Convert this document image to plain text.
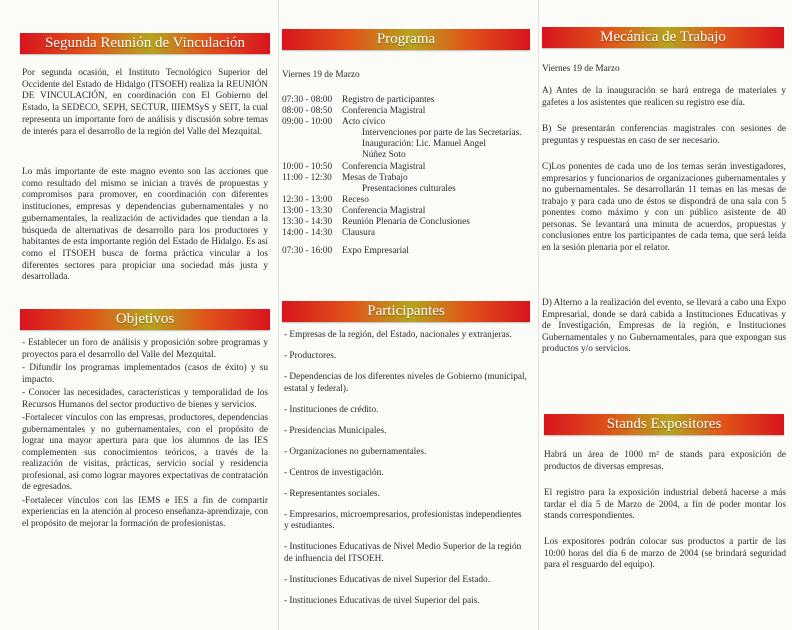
Segunda Reunión de Vinculación

Por segunda ocasión, el Instituto Tecnológico Superior del Occidente del Estado de Hidalgo (ITSOEH) realiza la REUNIÓN DE VINCULACIÓN, en coordinación con El Gobierno del Estado, la SEDECO, SEPH, SECTUR, IIIEMSyS y SEIT, la cual representa un importante foro de análisis y discusión sobre temas de interés para el desarrollo de la región del Valle del Mezquital.

Lo más importante de este magno evento son las acciones que como resultado del mismo se inician a través de propuestas y compromisos para promover, en coordinación con diferentes instituciones, empresas y dependencias gubernamentales y no gubernamentales, la realización de actividades que tiendan a la búsqueda de alternativas de desarrollo para los productores y habitantes de esta importante región del Estado de Hidalgo. Es así como el ITSOEH busca de forma práctica vincular a los diferentes sectores para propiciar una sociedad más justa y desarrollada.

Objetivos
- Establecer un foro de análisis y proposición sobre programas y proyectos para el desarrollo del Valle del Mezquital.
- Difundir los programas implementados (casos de éxito) y su impacto.
- Conocer las necesidades, características y temporalidad de los Recursos Humanos del sector productivo de bienes y servicios.
-Fortalecer vínculos con las empresas, productores, dependencias gubernamentales y no gubernamentales, con el propósito de lograr una mayor apertura para que los alumnos de las IES complementen sus conocimientos teóricos, a través de la realización de visitas, prácticas, servicio social y residencia profesional, así como lograr mayores expectativas de contratación de egresados.
-Fortalecer vínculos con las IEMS e IES a fin de compartir experiencias en la atención al proceso enseñanza-aprendizaje, con el propósito de mejorar la formación de profesionistas.
Programa
Viernes 19 de Marzo
07:30 - 08:00	Registro de participantes
08:00 - 08:50	Conferencia Magistral
09:00 - 10:00	Acto cívico
	Intervenciones por parte de las Secretarías.
	Inauguración: Lic. Manuel Angel
	Núñez Soto
10:00 - 10:50	Conferencia Magistral
11:00 - 12:30	Mesas de Trabajo
	Presentaciones culturales
12:30 - 13:00	Receso
13:00 - 13:30	Conferencia Magistral
13:30 - 14:30	Reunión Plenaria de Conclusiones
14:00 - 14:30	Clausura

07:30 - 16:00	Expo Empresarial
Participantes
- Empresas de la región, del Estado, nacionales y extranjeras.
- Productores.
- Dependencias de los diferentes niveles de Gobierno (municipal, estatal y federal).
- Instituciones de crédito.
- Presidencias Municipales.
- Organizaciones no gubernamentales.
- Centros de investigación.
- Representantes sociales.
- Empresarios, microempresarios, profesionistas independientes y estudiantes.
- Instituciones Educativas de Nivel Medio Superior de la región de influencia del ITSOEH.
- Instituciones Educativas de nivel Superior del Estado.
- Instituciones Educativas de nivel Superior del país.
Mecánica de Trabajo
Viernes 19 de Marzo

A) Antes de la inauguración se hará entrega de materiales y gafetes a los asistentes que realicen su registro ese día.

B) Se presentarán conferencias magistrales con sesiones de preguntas y respuestas en caso de ser necesario.

C)Los ponentes de cada uno de los temas serán investigadores, empresarios y funcionarios de organizaciones gubernamentales y no gubernamentales. Se desarrollarán 11 temas en las mesas de trabajo y para cada uno de éstos se dispondrá de una sala con 5 ponentes como máximo y con un público asistente de 40 personas. Se levantará una minuta de acuerdos, propuestas y conclusiones entre los participantes de cada tema, que será leída en la sesión plenaria por el relator.

D) Alterno a la realización del evento, se llevará a cabo una Expo Empresarial, donde se dará cabida a Instituciones Educativas y de Investigación, Empresas de la región, e Instituciones Gubernamentales y no Gubernamentales, para que expongan sus productos y/o servicios.

Stands Expositores

Habrá un área de 1000 m² de stands para exposición de productos de diversas empresas.

El registro para la exposición industrial deberá hacerse a más tardar el día 5 de Marzo de 2004, a fin de poder montar los stands correspondientes.

Los expositores podrán colocar sus productos a partir de las 10:00 horas del día 6 de marzo de 2004 (se brindará seguridad para el resguardo del equipo).
